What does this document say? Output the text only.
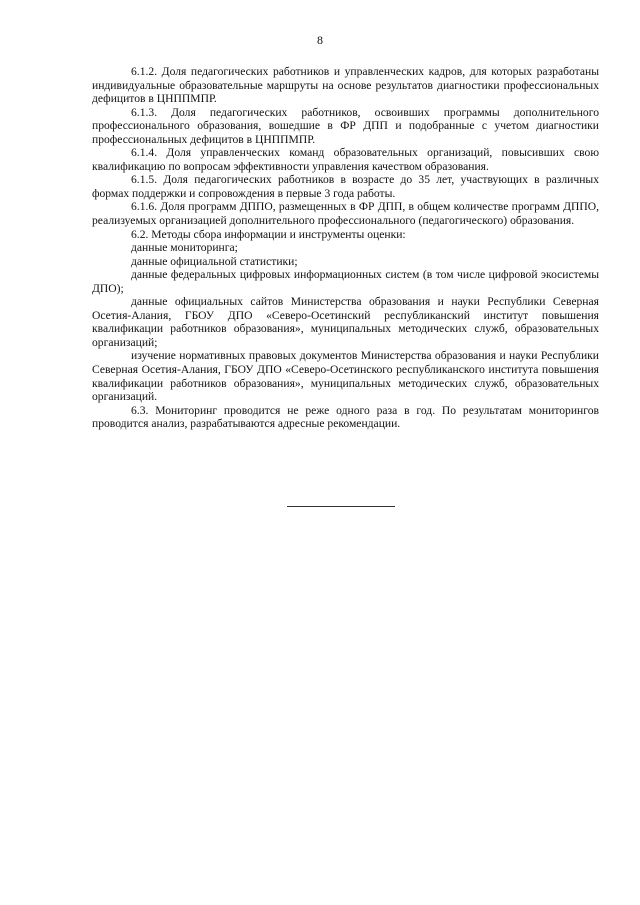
8

6.1.2. Доля педагогических работников и управленческих кадров, для которых разработаны индивидуальные образовательные маршруты на основе результатов диагностики профессиональных дефицитов в ЦНППМПР.

6.1.3. Доля педагогических работников, освоивших программы дополнительного профессионального образования, вошедшие в ФР ДПП и подобранные с учетом диагностики профессиональных дефицитов в ЦНППМПР.

6.1.4. Доля управленческих команд образовательных организаций, повысивших свою квалификацию по вопросам эффективности управления качеством образования.

6.1.5. Доля педагогических работников в возрасте до 35 лет, участвующих в различных формах поддержки и сопровождения в первые 3 года работы.

6.1.6. Доля программ ДППО, размещенных в ФР ДПП, в общем количестве программ ДППО, реализуемых организацией дополнительного профессионального (педагогического) образования.

6.2. Методы сбора информации и инструменты оценки:

данные мониторинга;

данные официальной статистики;

данные федеральных цифровых информационных систем (в том числе цифровой экосистемы ДПО);

данные официальных сайтов Министерства образования и науки Республики Северная Осетия-Алания, ГБОУ ДПО «Северо-Осетинский республиканский институт повышения квалификации работников образования», муниципальных методических служб, образовательных организаций;

изучение нормативных правовых документов Министерства образования и науки Республики Северная Осетия-Алания, ГБОУ ДПО «Северо-Осетинского республиканского института повышения квалификации работников образования», муниципальных методических служб, образовательных организаций.

6.3. Мониторинг проводится не реже одного раза в год. По результатам мониторингов проводится анализ, разрабатываются адресные рекомендации.
